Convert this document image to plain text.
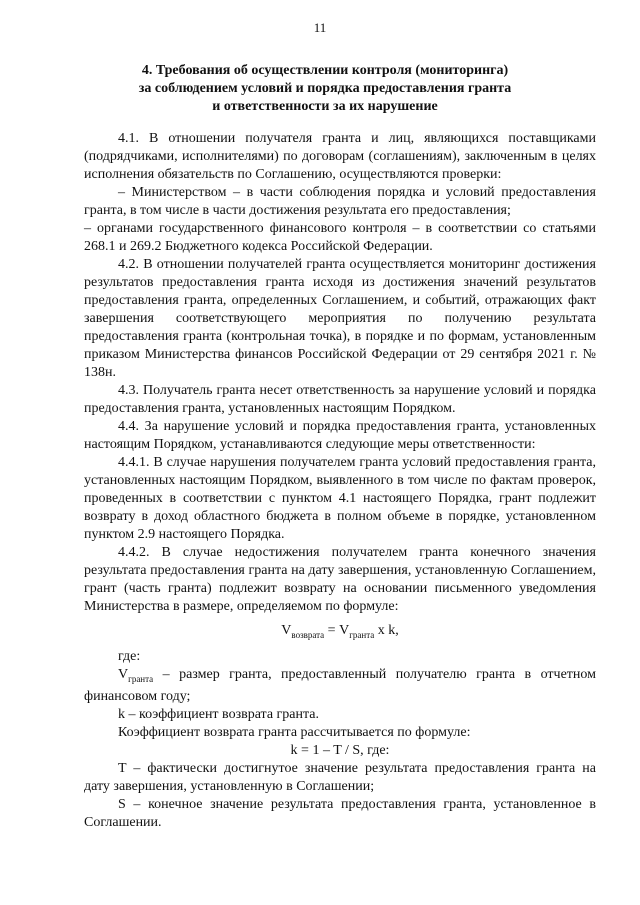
11
4. Требования об осуществлении контроля (мониторинга)
за соблюдением условий и порядка предоставления гранта
и ответственности за их нарушение

4.1. В отношении получателя гранта и лиц, являющихся поставщиками (подрядчиками, исполнителями) по договорам (соглашениям), заключенным в целях исполнения обязательств по Соглашению, осуществляются проверки:

– Министерством – в части соблюдения порядка и условий предоставления гранта, в том числе в части достижения результата его предоставления;

– органами государственного финансового контроля – в соответствии со статьями 268.1 и 269.2 Бюджетного кодекса Российской Федерации.

4.2. В отношении получателей гранта осуществляется мониторинг достижения результатов предоставления гранта исходя из достижения значений результатов предоставления гранта, определенных Соглашением, и событий, отражающих факт завершения соответствующего мероприятия по получению результата предоставления гранта (контрольная точка), в порядке и по формам, установленным приказом Министерства финансов Российской Федерации от 29 сентября 2021 г. № 138н.

4.3. Получатель гранта несет ответственность за нарушение условий и порядка предоставления гранта, установленных настоящим Порядком.

4.4. За нарушение условий и порядка предоставления гранта, установленных настоящим Порядком, устанавливаются следующие меры ответственности:

4.4.1. В случае нарушения получателем гранта условий предоставления гранта, установленных настоящим Порядком, выявленного в том числе по фактам проверок, проведенных в соответствии с пунктом 4.1 настоящего Порядка, грант подлежит возврату в доход областного бюджета в полном объеме в порядке, установленном пунктом 2.9 настоящего Порядка.

4.4.2. В случае недостижения получателем гранта конечного значения результата предоставления гранта на дату завершения, установленную Соглашением, грант (часть гранта) подлежит возврату на основании письменного уведомления Министерства в размере, определяемом по формуле:

$V_{возврата} = V_{гранта}$ x k,

где:

$V_{гранта}$ – размер гранта, предоставленный получателю гранта в отчетном финансовом году;

k – коэффициент возврата гранта.

Коэффициент возврата гранта рассчитывается по формуле:

k = 1 – T / S, где:

T – фактически достигнутое значение результата предоставления гранта на дату завершения, установленную в Соглашении;

S – конечное значение результата предоставления гранта, установленное в Соглашении.
